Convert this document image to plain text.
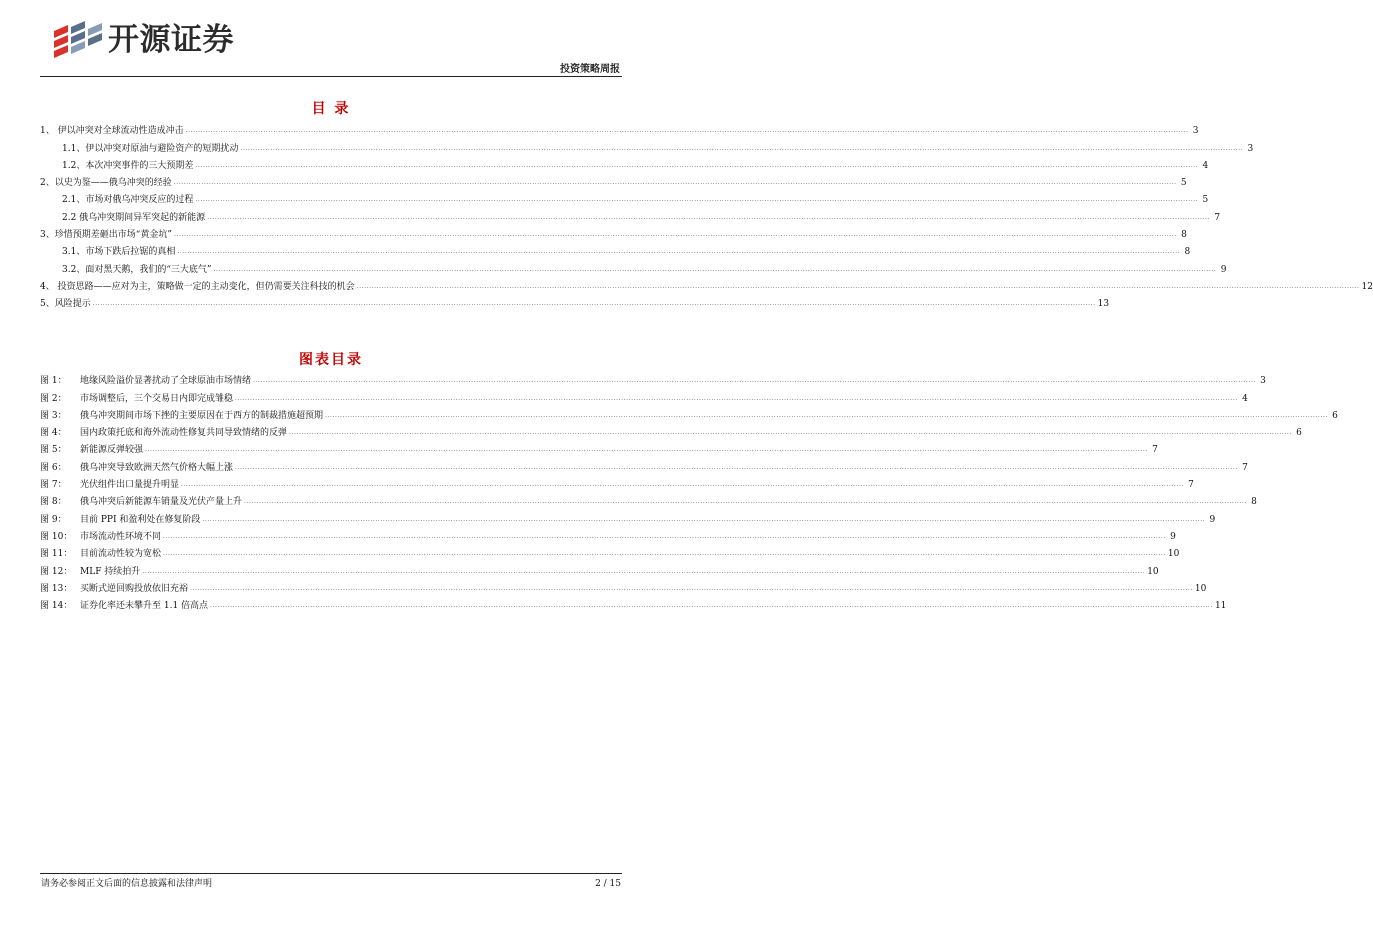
开源证券
投资策略周报
目 录
1、 伊以冲突对全球流动性造成冲击 ................................................................................................................................................................................................................................................................................................................................................................................................................ 3
1.1、伊以冲突对原油与避险资产的短期扰动 ................................................................................................................................................................................................................................................................................................................................................................................................................ 3
1.2、本次冲突事件的三大预期差 ................................................................................................................................................................................................................................................................................................................................................................................................................ 4
2、以史为鉴——俄乌冲突的经验 ................................................................................................................................................................................................................................................................................................................................................................................................................ 5
2.1、市场对俄乌冲突反应的过程 ................................................................................................................................................................................................................................................................................................................................................................................................................ 5
2.2 俄乌冲突期间异军突起的新能源 ................................................................................................................................................................................................................................................................................................................................................................................................................ 7
3、珍惜预期差砸出市场“黄金坑” ................................................................................................................................................................................................................................................................................................................................................................................................................ 8
3.1、市场下跌后拉锯的真相 ................................................................................................................................................................................................................................................................................................................................................................................................................ 8
3.2、面对黑天鹅，我们的“三大底气” ................................................................................................................................................................................................................................................................................................................................................................................................................ 9
4、 投资思路——应对为主，策略做一定的主动变化，但仍需要关注科技的机会 ................................................................................................................................................................................................................................................................................................................................................................................................................ 12
5、风险提示 ................................................................................................................................................................................................................................................................................................................................................................................................................ 13
图表目录
图 1： 地缘风险溢价显著扰动了全球原油市场情绪 ................................................................................................................................................................................................................................................................................................................................................................................................................ 3
图 2： 市场调整后，三个交易日内即完成雏稳 ................................................................................................................................................................................................................................................................................................................................................................................................................ 4
图 3： 俄乌冲突期间市场下挫的主要原因在于西方的制裁措施超预期 ................................................................................................................................................................................................................................................................................................................................................................................................................ 6
图 4： 国内政策托底和海外流动性修复共同导致情绪的反弹 ................................................................................................................................................................................................................................................................................................................................................................................................................ 6
图 5： 新能源反弹较强 ................................................................................................................................................................................................................................................................................................................................................................................................................ 7
图 6： 俄乌冲突导致欧洲天然气价格大幅上涨 ................................................................................................................................................................................................................................................................................................................................................................................................................ 7
图 7： 光伏组件出口量提升明显 ................................................................................................................................................................................................................................................................................................................................................................................................................ 7
图 8： 俄乌冲突后新能源车销量及光伏产量上升 ................................................................................................................................................................................................................................................................................................................................................................................................................ 8
图 9： 目前 PPI 和盈利处在修复阶段 ................................................................................................................................................................................................................................................................................................................................................................................................................ 9
图 10： 市场流动性环境不同 ................................................................................................................................................................................................................................................................................................................................................................................................................ 9
图 11： 目前流动性较为宽松 ................................................................................................................................................................................................................................................................................................................................................................................................................ 10
图 12： MLF 持续拍升 ................................................................................................................................................................................................................................................................................................................................................................................................................ 10
图 13： 买断式逆回购投放依旧充裕 ................................................................................................................................................................................................................................................................................................................................................................................................................ 10
图 14： 证券化率还未攀升至 1.1 倍高点 ................................................................................................................................................................................................................................................................................................................................................................................................................ 11
请务必参阅正文后面的信息披露和法律声明	2 / 15
